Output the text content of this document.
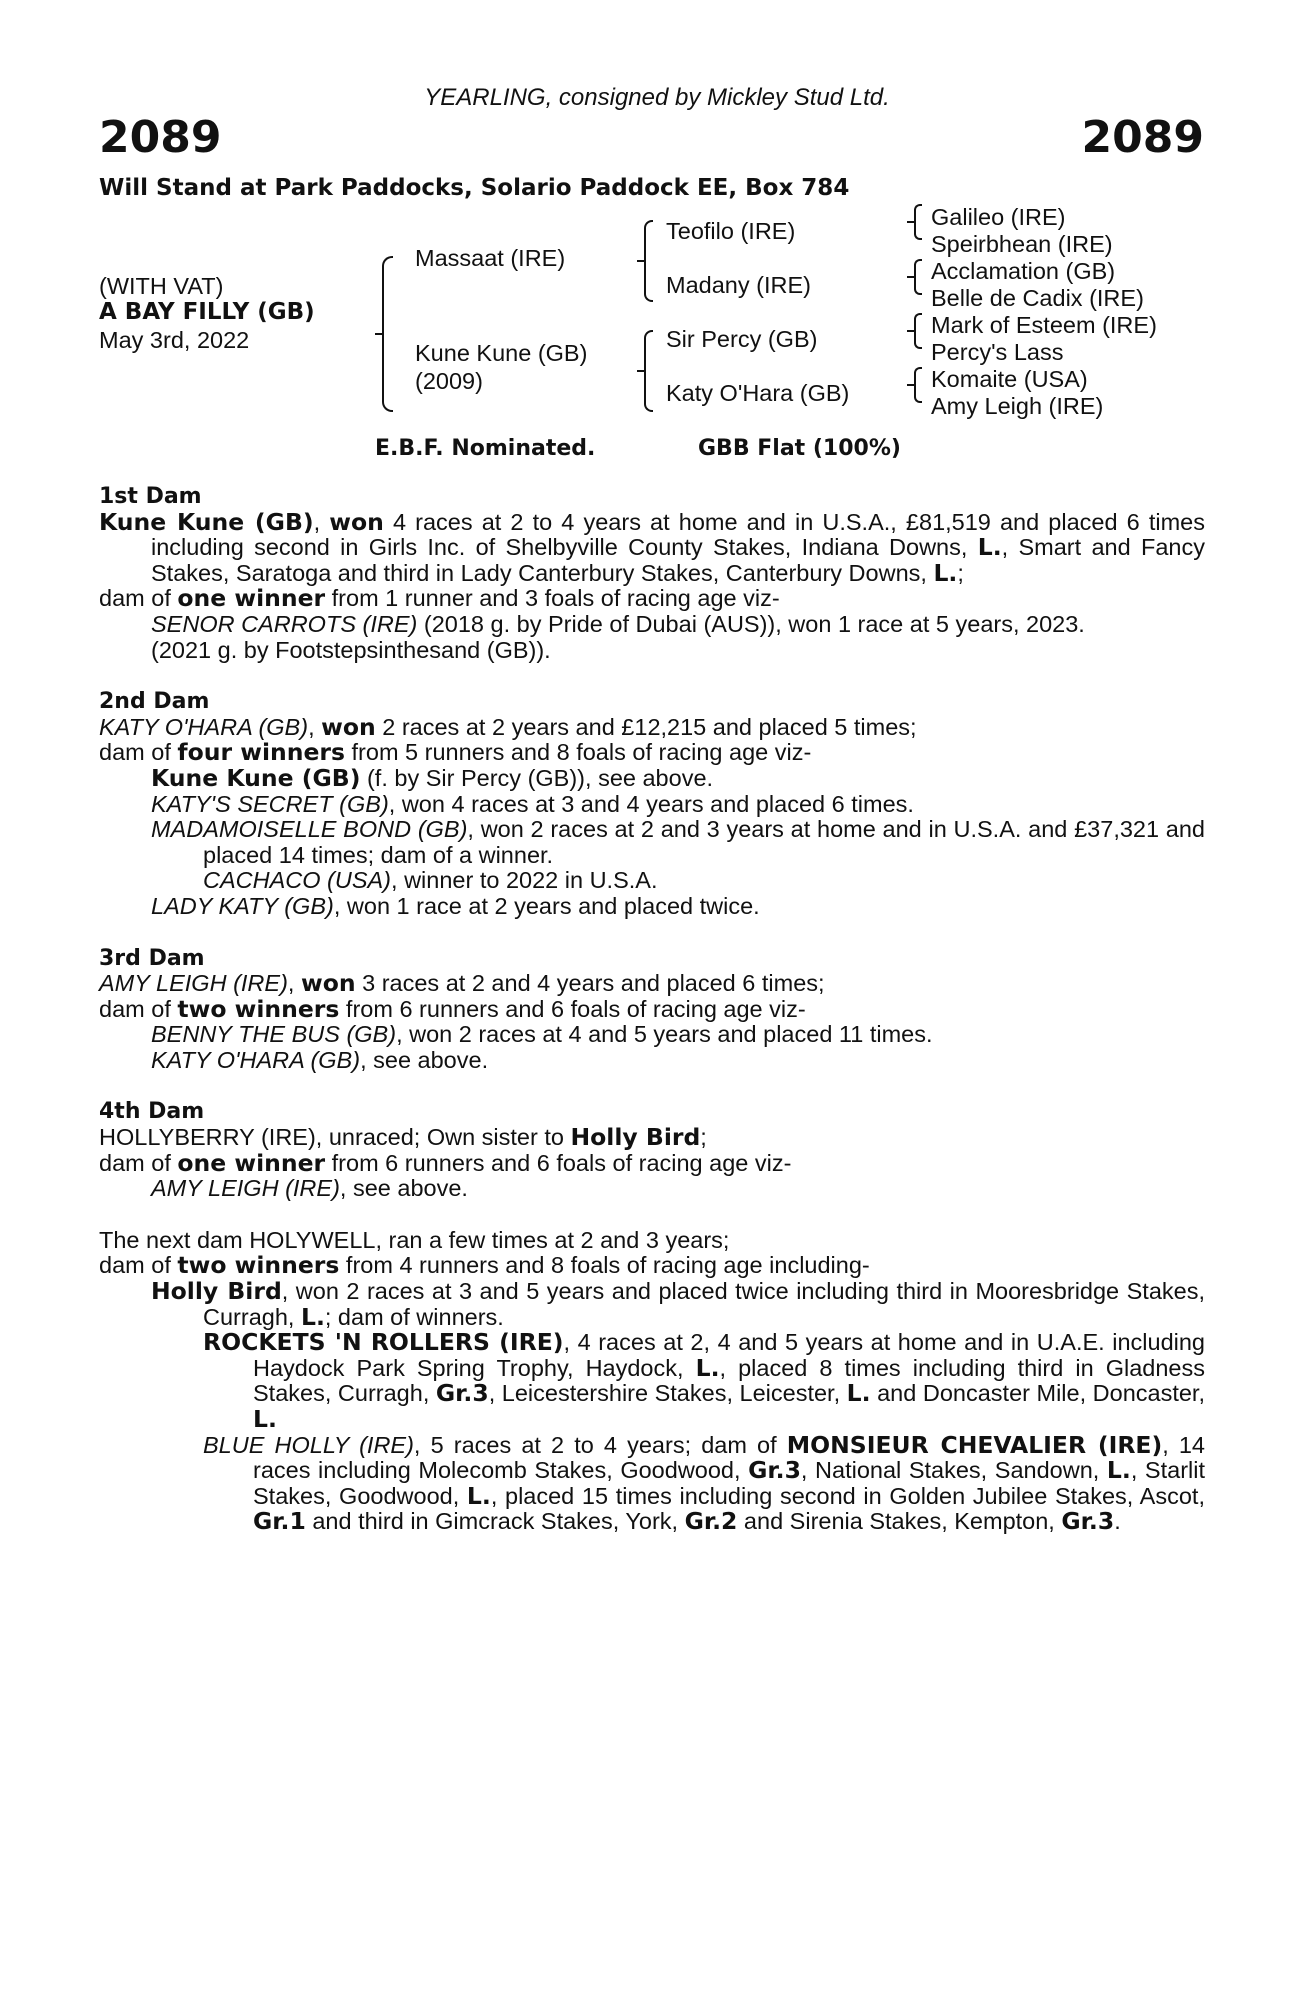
YEARLING, consigned by Mickley Stud Ltd.
2089	2089
Will Stand at Park Paddocks, Solario Paddock EE, Box 784
(WITH VAT)
A BAY FILLY (GB)
May 3rd, 2022
Massaat (IRE)
Kune Kune (GB)
(2009)
Teofilo (IRE)
Madany (IRE)
Sir Percy (GB)
Katy O'Hara (GB)
Galileo (IRE)
Speirbhean (IRE)
Acclamation (GB)
Belle de Cadix (IRE)
Mark of Esteem (IRE)
Percy's Lass
Komaite (USA)
Amy Leigh (IRE)
E.B.F. Nominated.	GBB Flat (100%)

1st Dam

Kune Kune (GB), won 4 races at 2 to 4 years at home and in U.S.A., £81,519 and placed 6 times including second in Girls Inc. of Shelbyville County Stakes, Indiana Downs, L., Smart and Fancy Stakes, Saratoga and third in Lady Canterbury Stakes, Canterbury Downs, L.;

dam of one winner from 1 runner and 3 foals of racing age viz-

SENOR CARROTS (IRE) (2018 g. by Pride of Dubai (AUS)), won 1 race at 5 years, 2023.

(2021 g. by Footstepsinthesand (GB)).

2nd Dam

KATY O'HARA (GB), won 2 races at 2 years and £12,215 and placed 5 times;

dam of four winners from 5 runners and 8 foals of racing age viz-

Kune Kune (GB) (f. by Sir Percy (GB)), see above.

KATY'S SECRET (GB), won 4 races at 3 and 4 years and placed 6 times.

MADAMOISELLE BOND (GB), won 2 races at 2 and 3 years at home and in U.S.A. and £37,321 and placed 14 times; dam of a winner.

CACHACO (USA), winner to 2022 in U.S.A.

LADY KATY (GB), won 1 race at 2 years and placed twice.

3rd Dam

AMY LEIGH (IRE), won 3 races at 2 and 4 years and placed 6 times;

dam of two winners from 6 runners and 6 foals of racing age viz-

BENNY THE BUS (GB), won 2 races at 4 and 5 years and placed 11 times.

KATY O'HARA (GB), see above.

4th Dam

HOLLYBERRY (IRE), unraced; Own sister to Holly Bird;

dam of one winner from 6 runners and 6 foals of racing age viz-

AMY LEIGH (IRE), see above.

The next dam HOLYWELL, ran a few times at 2 and 3 years;

dam of two winners from 4 runners and 8 foals of racing age including-

Holly Bird, won 2 races at 3 and 5 years and placed twice including third in Mooresbridge Stakes, Curragh, L.; dam of winners.

ROCKETS 'N ROLLERS (IRE), 4 races at 2, 4 and 5 years at home and in U.A.E. including Haydock Park Spring Trophy, Haydock, L., placed 8 times including third in Gladness Stakes, Curragh, Gr.3, Leicestershire Stakes, Leicester, L. and Doncaster Mile, Doncaster, L.

BLUE HOLLY (IRE), 5 races at 2 to 4 years; dam of MONSIEUR CHEVALIER (IRE), 14 races including Molecomb Stakes, Goodwood, Gr.3, National Stakes, Sandown, L., Starlit Stakes, Goodwood, L., placed 15 times including second in Golden Jubilee Stakes, Ascot, Gr.1 and third in Gimcrack Stakes, York, Gr.2 and Sirenia Stakes, Kempton, Gr.3.
